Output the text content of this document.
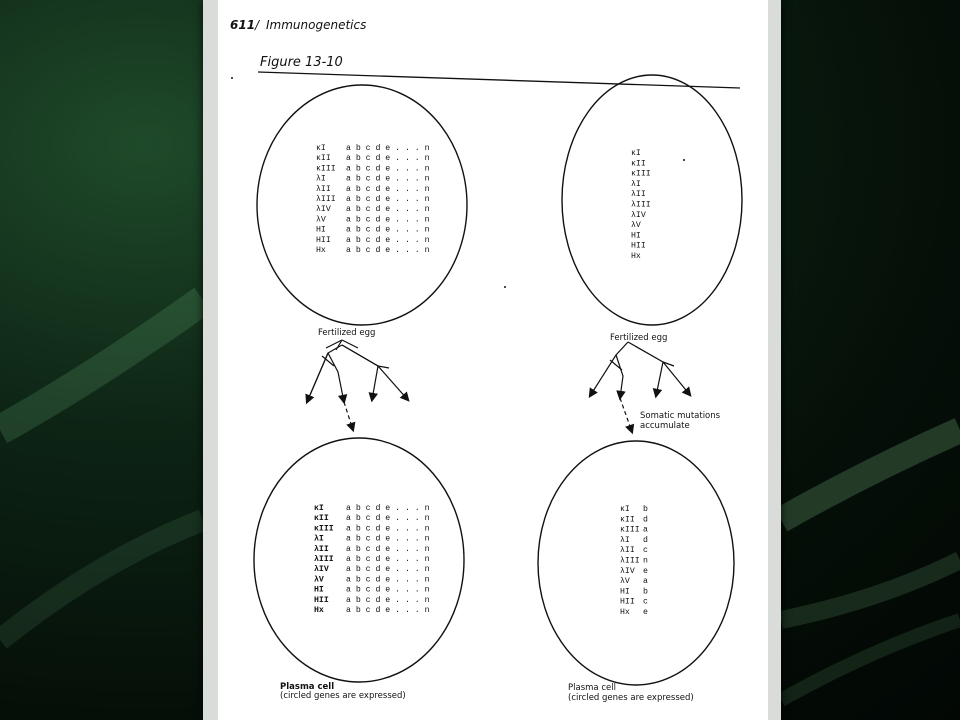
611 / Immunogenetics
Figure 13-10
κI
κII
κIII
λI
λII
λIII
λIV
λV
HI
HII
Hx
a b c d e . . . n
a b c d e . . . n
a b c d e . . . n
a b c d e . . . n
a b c d e . . . n
a b c d e . . . n
a b c d e . . . n
a b c d e . . . n
a b c d e . . . n
a b c d e . . . n
a b c d e . . . n
κI
κII
κIII
λI
λII
λIII
λIV
λV
HI
HII
Hx
κI
κII
κIII
λI
λII
λIII
λIV
λV
HI
HII
Hx
a b c d e . . . n
a b c d e . . . n
a b c d e . . . n
a b c d e . . . n
a b c d e . . . n
a b c d e . . . n
a b c d e . . . n
a b c d e . . . n
a b c d e . . . n
a b c d e . . . n
a b c d e . . . n
κI
κII
κIII
λI
λII
λIII
λIV
λV
HI
HII
Hx
b
d
a
d
c
n
e
a
b
c
e
Fertilized egg	Fertilized egg
Somatic mutations
accumulate
Plasma cell
(circled genes are expressed)
Plasma cell
(circled genes are expressed)
